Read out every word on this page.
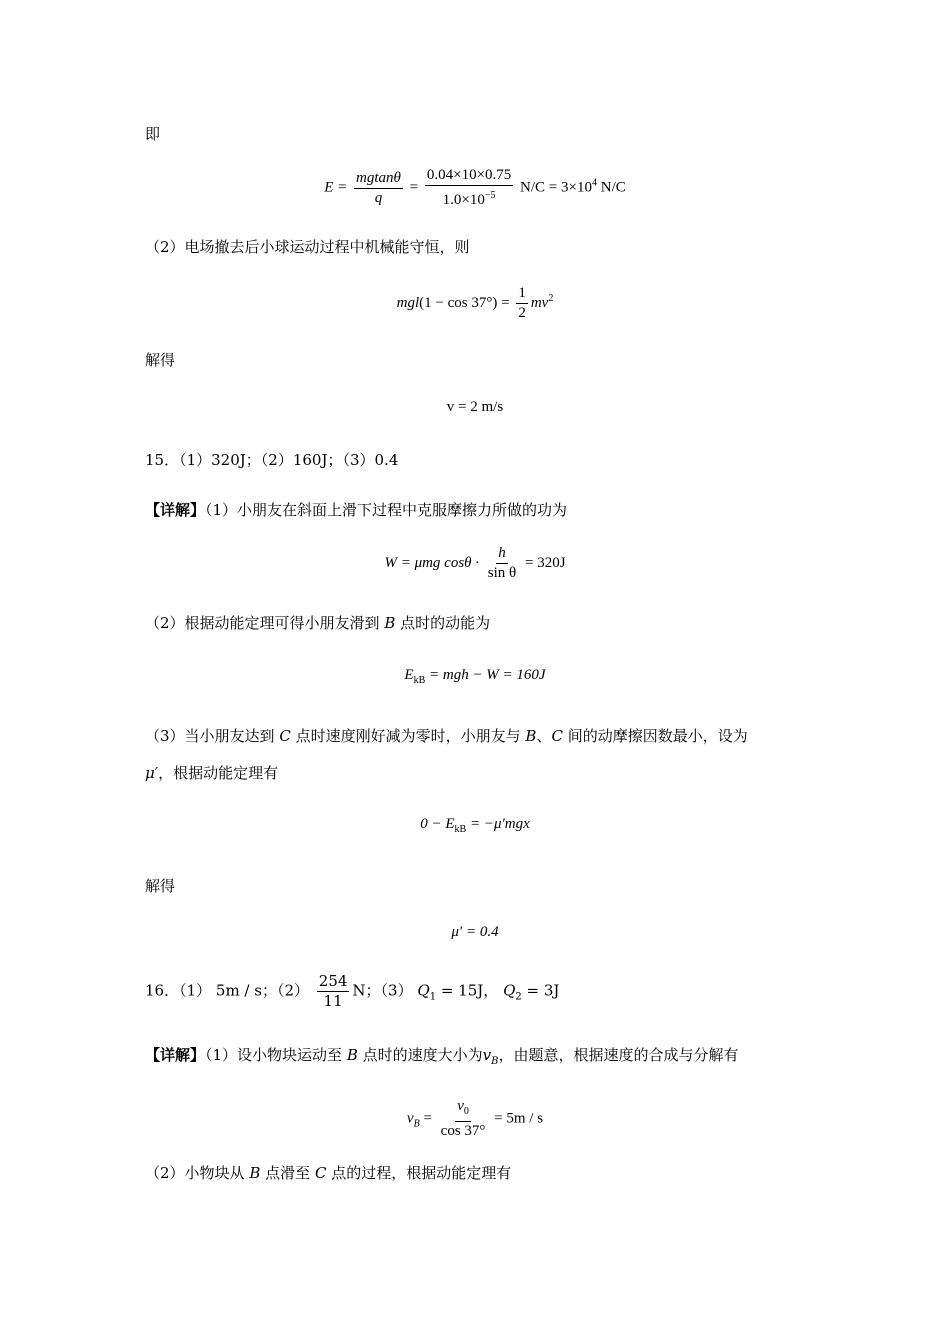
即
$E = \frac{mgtan\theta}{q} = \frac{0.04\times 10\times 0.75}{1.0\times 10^{-5}} N/C = 3\times 10^4$ N/C
（2）电场撤去后小球运动过程中机械能守恒，则
$mgl(1 - \cos 37^\circ) = \frac{1}{2} mv^2$
解得
v = 2 m/s
15．（1）320J；（2）160J；（3）0.4
【详解】（1）小朋友在斜面上滑下过程中克服摩擦力所做的功为
W = μmg $\cos\theta \cdot \frac{h}{\text{sin θ}} = 320J$
（2）根据动能定理可得小朋友滑到 B 点时的动能为
$E_{kB}$ = mgh − W = 160J
（3）当小朋友达到 C 点时速度刚好减为零时，小朋友与 B、C 间的动摩擦因数最小，设为
μ′，根据动能定理有
$0 - E_{kB} = -\mu'mgx$
解得
μ′ = 0.4
16．（1） 5m / s；$(2) \frac{254}{11}$ N；（3） $Q_1 = 15J$， $Q_2 = 3J$
【详解】（1）设小物块运动至 B 点时的速度大小为$v_B$，由题意，根据速度的合成与分解有
$v_B = \frac{v_0}{\cos 37^\circ} = 5m / s$
（2）小物块从 B 点滑至 C 点的过程，根据动能定理有
